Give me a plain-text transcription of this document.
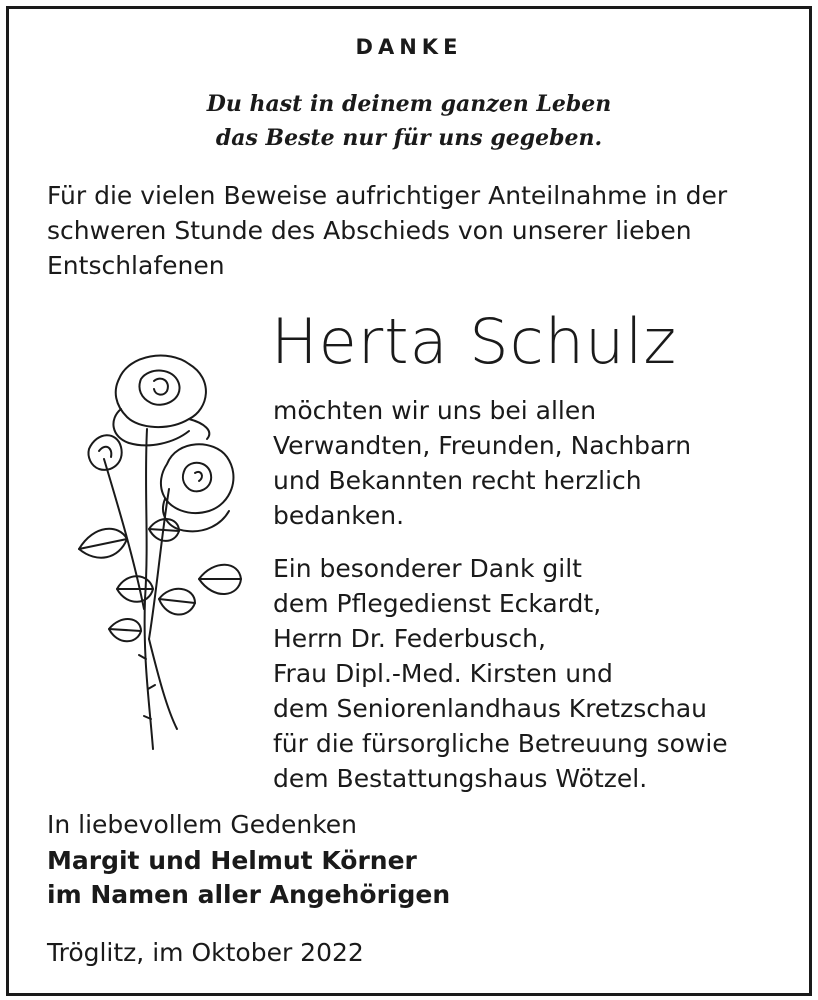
DANKE
Du hast in deinem ganzen Leben
das Beste nur für uns gegeben.
Für die vielen Beweise aufrichtiger Anteilnahme in der
schweren Stunde des Abschieds von unserer lieben
Entschlafenen
Herta Schulz
möchten wir uns bei allen
Verwandten, Freunden, Nachbarn
und Bekannten recht herzlich
bedanken.
Ein besonderer Dank gilt
dem Pflegedienst Eckardt,
Herrn Dr. Federbusch,
Frau Dipl.-Med. Kirsten und
dem Seniorenlandhaus Kretzschau
für die fürsorgliche Betreuung sowie
dem Bestattungshaus Wötzel.
In liebevollem Gedenken
Margit und Helmut Körner
im Namen aller Angehörigen
Tröglitz, im Oktober 2022
